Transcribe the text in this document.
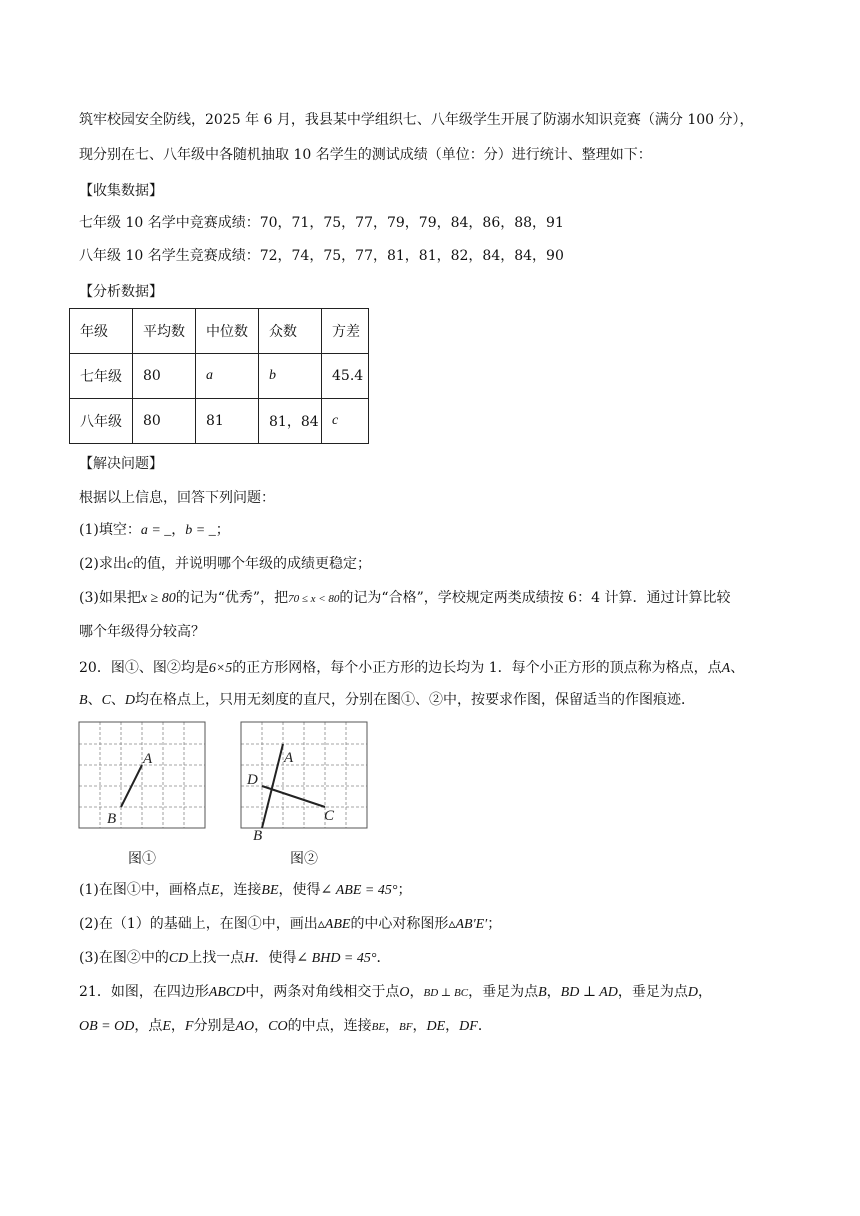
筑牢校园安全防线，2025 年 6 月，我县某中学组织七、八年级学生开展了防溺水知识竞赛（满分 100 分），
现分别在七、八年级中各随机抽取 10 名学生的测试成绩（单位：分）进行统计、整理如下：
【收集数据】
七年级 10 名学中竞赛成绩：70，71，75，77，79，79，84，86，88，91
八年级 10 名学生竞赛成绩：72，74，75，77，81，81，82，84，84，90
【分析数据】
年级	平均数	中位数	众数	方差
七年级	80	a	b	45.4
八年级	80	81	81，84	c
【解决问题】
根据以上信息，回答下列问题：
(1)填空：a = _，b = _；
(2)求出c的值，并说明哪个年级的成绩更稳定；
(3)如果把x ≥ 80的记为“优秀”，把70 ≤ x < 80的记为“合格”，学校规定两类成绩按 6：4 计算．通过计算比较
哪个年级得分较高？
20．图①、图②均是6×5的正方形网格，每个小正方形的边长均为 1．每个小正方形的顶点称为格点，点A、
B、C、D均在格点上，只用无刻度的直尺，分别在图①、②中，按要求作图，保留适当的作图痕迹．
A
B
图①
A
D
C
B
图②
(1)在图①中，画格点E，连接BE，使得∠ ABE = 45°；
(2)在（1）的基础上，在图①中，画出▵ABE的中心对称图形▵AB′E′；
(3)在图②中的CD上找一点H．使得∠ BHD = 45°．
21．如图，在四边形ABCD中，两条对角线相交于点O，BD ⊥ BC，垂足为点B，BD ⊥ AD，垂足为点D，
OB = OD，点E，F分别是AO，CO的中点，连接BE，BF，DE，DF．
